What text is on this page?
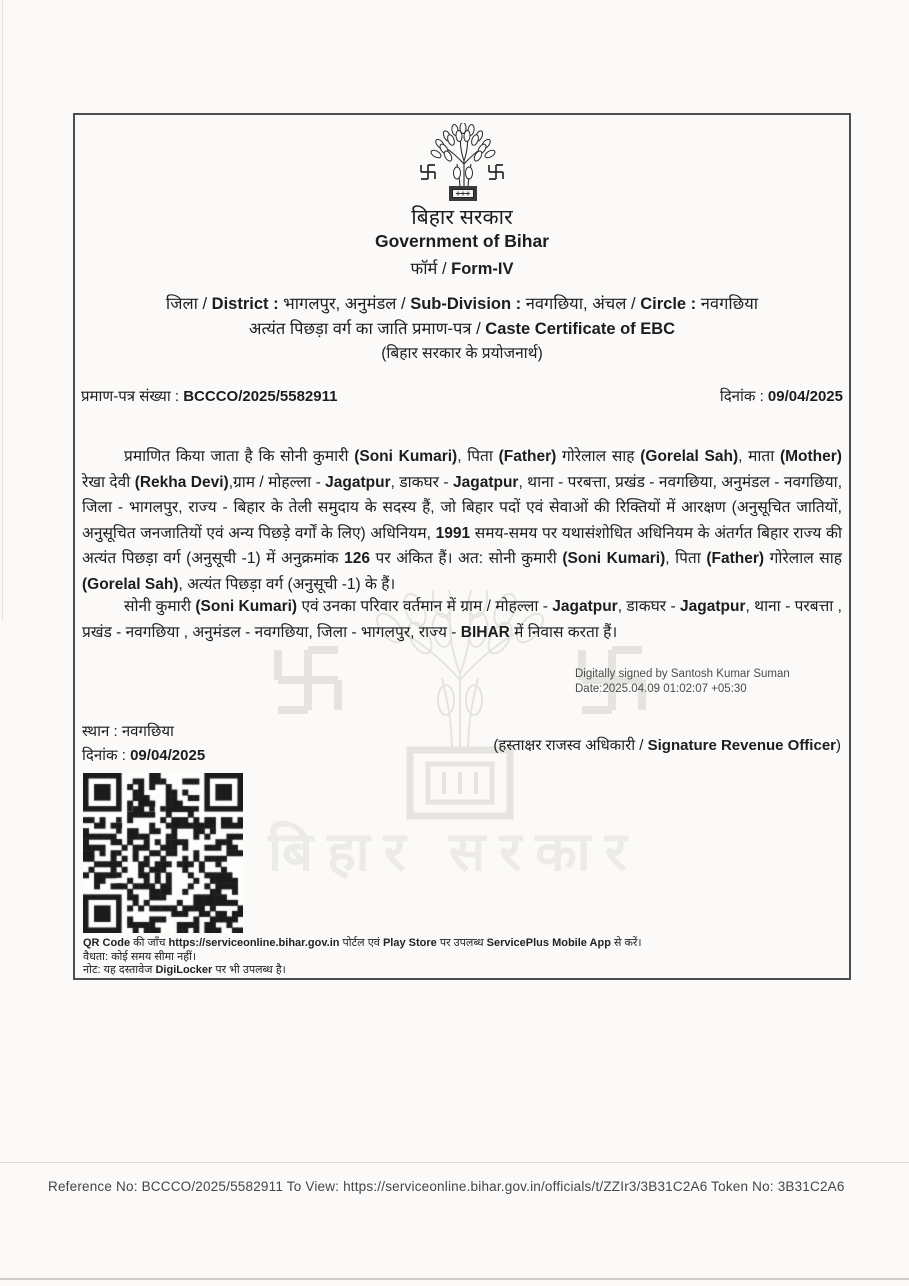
बिहार सरकार
बिहार सरकार
Government of Bihar
फॉर्म / Form-IV
जिला / District : भागलपुर, अनुमंडल / Sub-Division : नवगछिया, अंचल / Circle : नवगछिया
अत्यंत पिछड़ा वर्ग का जाति प्रमाण-पत्र / Caste Certificate of EBC
(बिहार सरकार के प्रयोजनार्थ)
प्रमाण-पत्र संख्या : BCCCO/2025/5582911	दिनांक : 09/04/2025
प्रमाणित किया जाता है कि सोनी कुमारी (Soni Kumari), पिता (Father) गोरेलाल साह (Gorelal Sah), माता (Mother) रेखा देवी (Rekha Devi),ग्राम / मोहल्ला - Jagatpur, डाकघर - Jagatpur, थाना - परबत्ता, प्रखंड - नवगछिया, अनुमंडल - नवगछिया, जिला - भागलपुर, राज्य - बिहार के तेली समुदाय के सदस्य हैं, जो बिहार पदों एवं सेवाओं की रिक्तियों में आरक्षण (अनुसूचित जातियों, अनुसूचित जनजातियों एवं अन्य पिछड़े वर्गों के लिए) अधिनियम, 1991 समय-समय पर यथासंशोधित अधिनियम के अंतर्गत बिहार राज्य की अत्यंत पिछड़ा वर्ग (अनुसूची -1) में अनुक्रमांक 126 पर अंकित हैं। अत: सोनी कुमारी (Soni Kumari), पिता (Father) गोरेलाल साह (Gorelal Sah), अत्यंत पिछड़ा वर्ग (अनुसूची -1) के हैं।
सोनी कुमारी (Soni Kumari) एवं उनका परिवार वर्तमान में ग्राम / मोहल्ला - Jagatpur, डाकघर - Jagatpur, थाना - परबत्ता , प्रखंड - नवगछिया , अनुमंडल - नवगछिया, जिला - भागलपुर, राज्य - BIHAR में निवास करता हैं।
Digitally signed by Santosh Kumar Suman
Date:2025.04.09 01:02:07 +05:30
स्थान : नवगछिया
दिनांक : 09/04/2025
(हस्ताक्षर राजस्व अधिकारी / Signature Revenue Officer)
QR Code की जाँच https://serviceonline.bihar.gov.in पोर्टल एवं Play Store पर उपलब्ध ServicePlus Mobile App से करें।
वैधता: कोई समय सीमा नहीं।
नोट: यह दस्तावेज DigiLocker पर भी उपलब्ध है।
Reference No: BCCCO/2025/5582911 To View: https://serviceonline.bihar.gov.in/officials/t/ZZIr3/3B31C2A6 Token No: 3B31C2A6
